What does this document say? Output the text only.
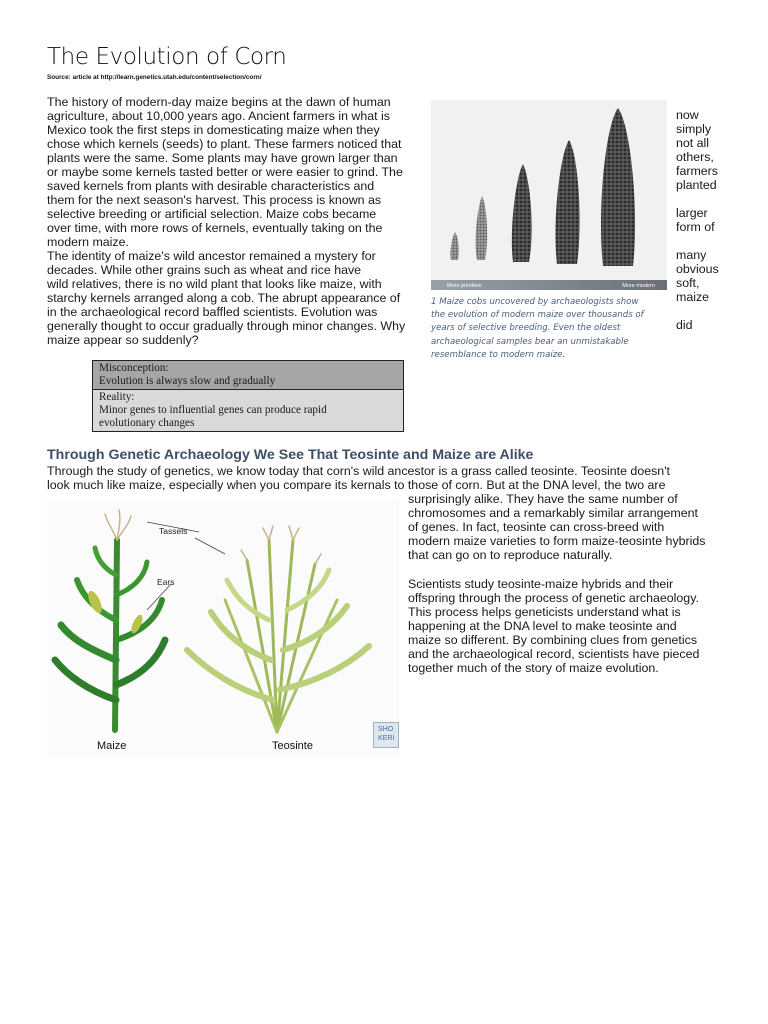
The Evolution of Corn
Source: article at http://learn.genetics.utah.edu/content/selection/corn/
The history of modern-day maize begins at the dawn of human
agriculture, about 10,000 years ago. Ancient farmers in what is
Mexico took the first steps in domesticating maize when they
chose which kernels (seeds) to plant. These farmers noticed that
plants were the same. Some plants may have grown larger than
or maybe some kernels tasted better or were easier to grind. The
saved kernels from plants with desirable characteristics and
them for the next season's harvest. This process is known as
selective breeding or artificial selection. Maize cobs became
over time, with more rows of kernels, eventually taking on the
modern maize.
The identity of maize's wild ancestor remained a mystery for
decades. While other grains such as wheat and rice have
wild relatives, there is no wild plant that looks like maize, with
starchy kernels arranged along a cob. The abrupt appearance of
in the archaeological record baffled scientists. Evolution was
generally thought to occur gradually through minor changes. Why
maize appear so suddenly?
now
simply
not all
others,
farmers
planted
larger
form of
many
obvious
soft,
maize
did
More primitive	More modern
1 Maize cobs uncovered by archaeologists show
the evolution of modern maize over thousands of
years of selective breeding. Even the oldest
archaeological samples bear an unmistakable
resemblance to modern maize.
Misconception:
Evolution is always slow and gradually

Reality:
Minor genes to influential genes can produce rapid
evolutionary changes
Through Genetic Archaeology We See That Teosinte and Maize are Alike
Through the study of genetics, we know today that corn's wild ancestor is a grass called teosinte. Teosinte doesn't
look much like maize, especially when you compare its kernals to those of corn. But at the DNA level, the two are
surprisingly alike. They have the same number of
chromosomes and a remarkably similar arrangement
of genes. In fact, teosinte can cross-breed with
modern maize varieties to form maize-teosinte hybrids
that can go on to reproduce naturally.
Scientists study teosinte-maize hybrids and their
offspring through the process of genetic archaeology.
This process helps geneticists understand what is
happening at the DNA level to make teosinte and
maize so different. By combining clues from genetics
and the archaeological record, scientists have pieced
together much of the story of maize evolution.
Tassels
Ears
Maize	Teosinte
SHO
KERI
